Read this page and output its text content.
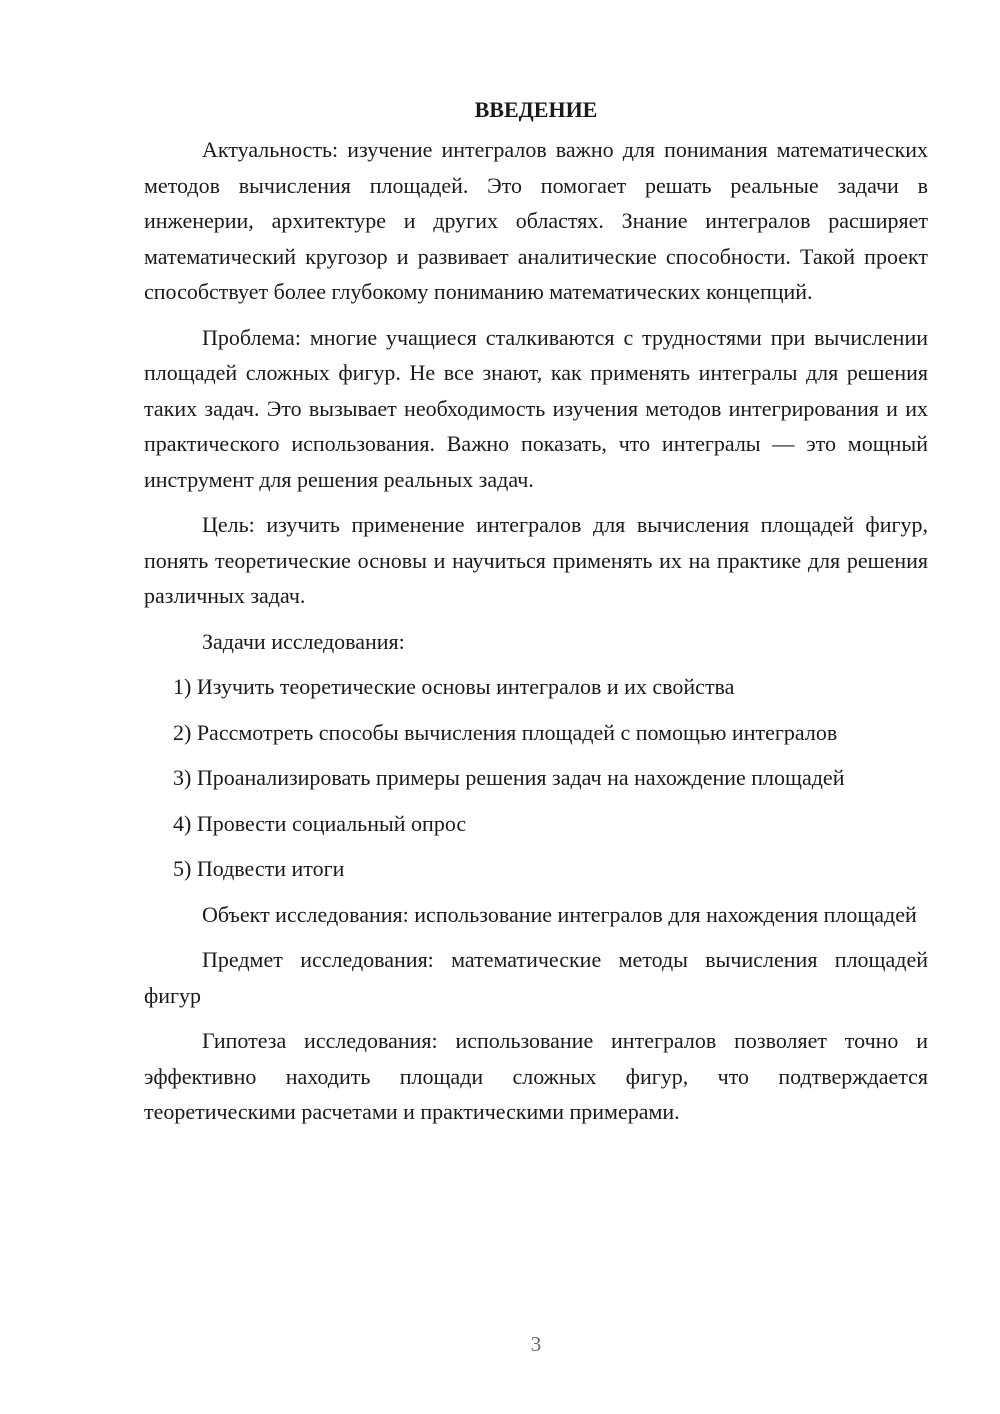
ВВЕДЕНИЕ

Актуальность: изучение интегралов важно для понимания математических методов вычисления площадей. Это помогает решать реальные задачи в инженерии, архитектуре и других областях. Знание интегралов расширяет математический кругозор и развивает аналитические способности. Такой проект способствует более глубокому пониманию математических концепций.

Проблема: многие учащиеся сталкиваются с трудностями при вычислении площадей сложных фигур. Не все знают, как применять интегралы для решения таких задач. Это вызывает необходимость изучения методов интегрирования и их практического использования. Важно показать, что интегралы — это мощный инструмент для решения реальных задач.

Цель: изучить применение интегралов для вычисления площадей фигур, понять теоретические основы и научиться применять их на практике для решения различных задач.

Задачи исследования:

1) Изучить теоретические основы интегралов и их свойства

2) Рассмотреть способы вычисления площадей с помощью интегралов

3) Проанализировать примеры решения задач на нахождение площадей

4) Провести социальный опрос

5) Подвести итоги

Объект исследования: использование интегралов для нахождения площадей

Предмет исследования: математические методы вычисления площадей фигур

Гипотеза исследования: использование интегралов позволяет точно и эффективно находить площади сложных фигур, что подтверждается теоретическими расчетами и практическими примерами.

3
